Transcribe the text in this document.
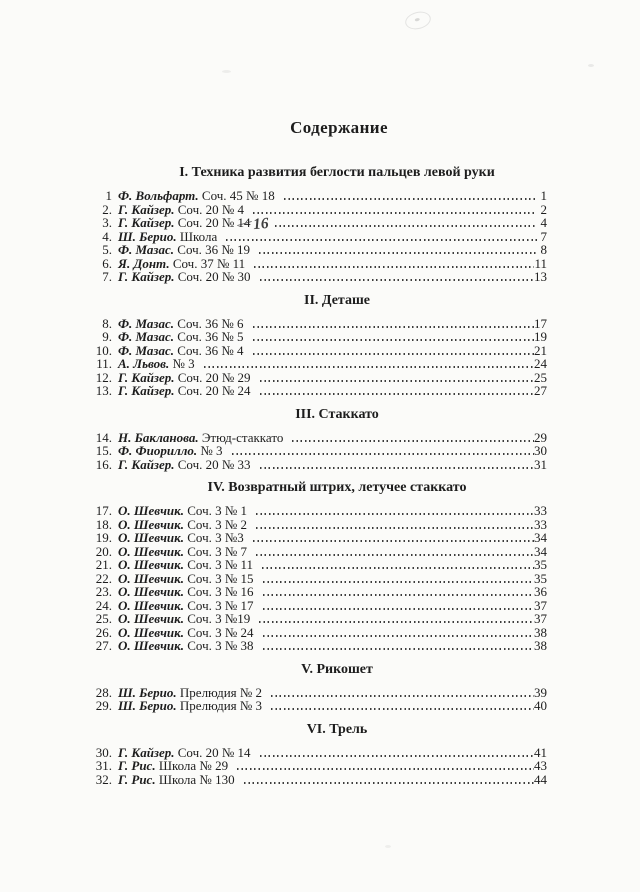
Содержание
I. Техника развития беглости пальцев левой руки
1 Ф. Вольфарт. Соч. 45 № 18	1
2. Г. Кайзер. Соч. 20 № 4	2
3. Г. Кайзер. Соч. 20 № 1416	4
4. Ш. Берио. Школа	7
5. Ф. Мазас. Соч. 36 № 19	8
6. Я. Донт. Соч. 37 № 11	11
7. Г. Кайзер. Соч. 20 № 30	13
II. Деташе
8. Ф. Мазас. Соч. 36 № 6	17
9. Ф. Мазас. Соч. 36 № 5	19
10. Ф. Мазас. Соч. 36 № 4	21
11. А. Львов. № 3	24
12. Г. Кайзер. Соч. 20 № 29	25
13. Г. Кайзер. Соч. 20 № 24	27
III. Стаккато
14. Н. Бакланова. Этюд-стаккато	29
15. Ф. Фиорилло. № 3	30
16. Г. Кайзер. Соч. 20 № 33	31
IV. Возвратный штрих, летучее стаккато
17. О. Шевчик. Соч. 3 № 1	33
18. О. Шевчик. Соч. 3 № 2	33
19. О. Шевчик. Соч. 3 №3	34
20. О. Шевчик. Соч. 3 № 7	34
21. О. Шевчик. Соч. 3 № 11	35
22. О. Шевчик. Соч. 3 № 15	35
23. О. Шевчик. Соч. 3 № 16	36
24. О. Шевчик. Соч. 3 № 17	37
25. О. Шевчик. Соч. 3 №19	37
26. О. Шевчик. Соч. 3 № 24	38
27. О. Шевчик. Соч. 3 № 38	38
V. Рикошет
28. Ш. Берио. Прелюдия № 2	39
29. Ш. Берио. Прелюдия № 3	40
VI. Трель
30. Г. Кайзер. Соч. 20 № 14	41
31. Г. Рис. Школа № 29	43
32. Г. Рис. Школа № 130	44
